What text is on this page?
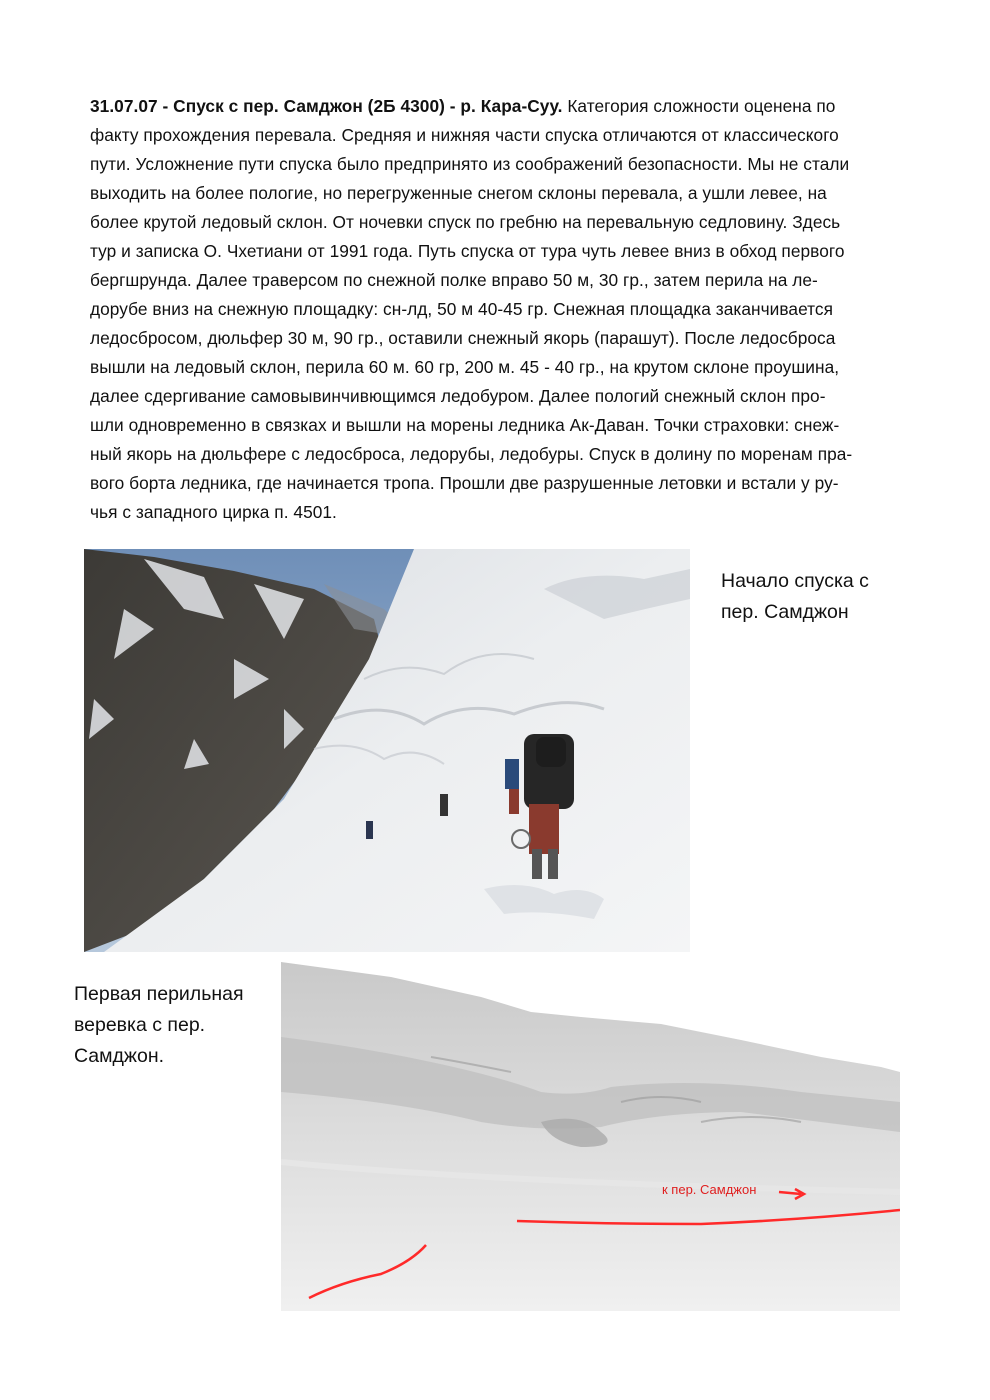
31.07.07 - Спуск с пер. Самджон (2Б 4300) - р. Кара-Суу. Категория сложности оценена по
факту прохождения перевала. Средняя и нижняя части спуска отличаются от классического
пути. Усложнение пути спуска было предпринято из соображений безопасности. Мы не стали
выходить на более пологие, но перегруженные снегом склоны перевала, а ушли левее, на
более крутой ледовый склон. От ночевки спуск по гребню на перевальную седловину. Здесь
тур и записка О. Чхетиани от 1991 года. Путь спуска от тура чуть левее вниз в обход первого
бергшрунда. Далее траверсом по снежной полке вправо 50 м, 30 гр., затем перила на ле-
дорубе вниз на снежную площадку: сн-лд, 50 м 40-45 гр. Снежная площадка заканчивается
ледосбросом, дюльфер 30 м, 90 гр., оставили снежный якорь (парашут). После ледосброса
вышли на ледовый склон, перила 60 м. 60 гр, 200 м. 45 - 40 гр., на крутом склоне проушина,
далее сдергивание самовывинчивющимся ледобуром. Далее пологий снежный склон про-
шли одновременно в связках и вышли на морены ледника Ак-Даван. Точки страховки: снеж-
ный якорь на дюльфере с ледосброса, ледорубы, ледобуры. Спуск в долину по моренам пра-
вого борта ледника, где начинается тропа. Прошли две разрушенные летовки и встали у ру-
чья с западного цирка п. 4501.
Начало спуска с
пер. Самджон
Первая перильная
веревка с пер.
Самджон.
к пер. Самджон
